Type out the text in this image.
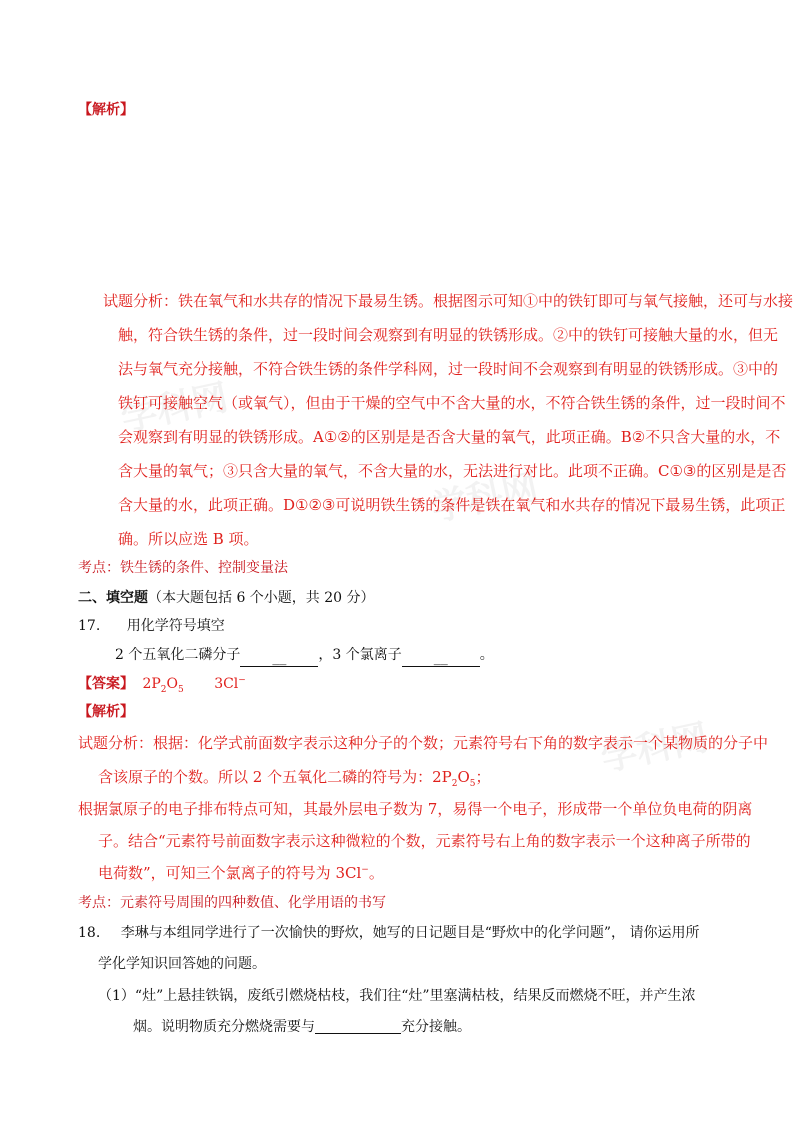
学科网
学科网
学科网
【解析】
试题分析：铁在氧气和水共存的情况下最易生锈。根据图示可知①中的铁钉即可与氧气接触，还可与水接
触，符合铁生锈的条件，过一段时间会观察到有明显的铁锈形成。②中的铁钉可接触大量的水，但无
法与氧气充分接触，不符合铁生锈的条件学科网，过一段时间不会观察到有明显的铁锈形成。③中的
铁钉可接触空气（或氧气），但由于干燥的空气中不含大量的水，不符合铁生锈的条件，过一段时间不
会观察到有明显的铁锈形成。A①②的区别是是否含大量的氧气，此项正确。B②不只含大量的水，不
含大量的氧气；③只含大量的氧气，不含大量的水，无法进行对比。此项不正确。C①③的区别是是否
含大量的水，此项正确。D①②③可说明铁生锈的条件是铁在氧气和水共存的情况下最易生锈，此项正
确。所以应选 B 项。
考点：铁生锈的条件、控制变量法
二、填空题（本大题包括 6 个小题，共 20 分）
17. 用化学符号填空
2 个五氧化二磷分子 __ ，3 个氯离子 __ 。
【答案】 $2P_2O_5$ 3Cl−
【解析】
试题分析：根据：化学式前面数字表示这种分子的个数；元素符号右下角的数字表示一个某物质的分子中
含该原子的个数。所以 2 个五氧化二磷的符号为：$2P_2O_5$；
根据氯原子的电子排布特点可知，其最外层电子数为 7，易得一个电子，形成带一个单位负电荷的阴离
子。结合“元素符号前面数字表示这种微粒的个数，元素符号右上角的数字表示一个这种离子所带的
电荷数”，可知三个氯离子的符号为 3Cl−。
考点：元素符号周围的四种数值、化学用语的书写
18. 李琳与本组同学进行了一次愉快的野炊，她写的日记题目是“野炊中的化学问题”， 请你运用所
学化学知识回答她的问题。
（1）“灶”上悬挂铁锅，废纸引燃烧枯枝，我们往“灶”里塞满枯枝，结果反而燃烧不旺，并产生浓
烟。说明物质充分燃烧需要与	充分接触。
